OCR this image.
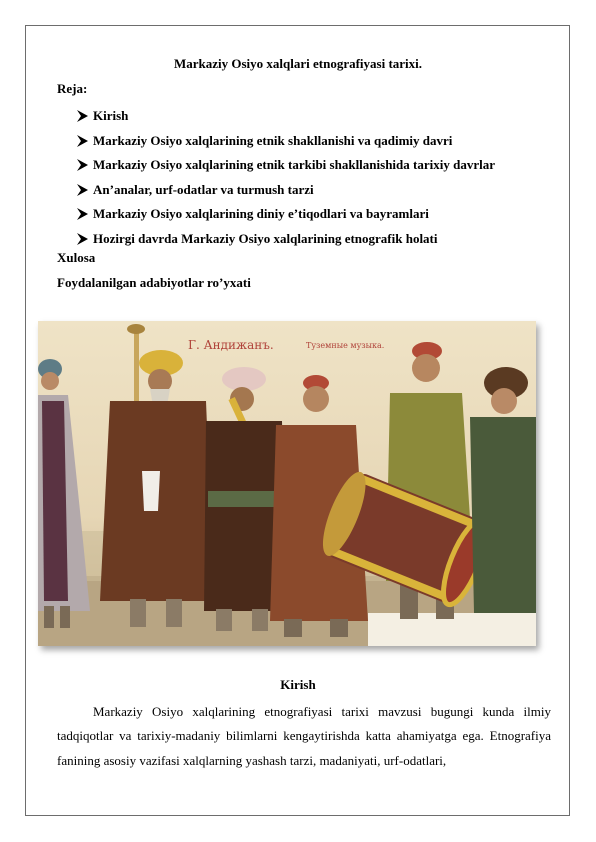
Markaziy Osiyo xalqlari etnografiyasi tarixi.

Reja:

Kirish
Markaziy Osiyo xalqlarining etnik shakllanishi va qadimiy davri
Markaziy Osiyo xalqlarining etnik tarkibi shakllanishida tarixiy davrlar
An’analar, urf-odatlar va turmush tarzi
Markaziy Osiyo xalqlarining diniy e’tiqodlari va bayramlari
Hozirgi davrda Markaziy Osiyo xalqlarining etnografik holati

Xulosa

Foydalanilgan adabiyotlar ro’yxati

Г. Андижанъ.	Туземные музыка.
Kirish

Markaziy Osiyo xalqlarining etnografiyasi tarixi mavzusi bugungi kunda ilmiy tadqiqotlar va tarixiy-madaniy bilimlarni kengaytirishda katta ahamiyatga ega. Etnografiya fanining asosiy vazifasi xalqlarning yashash tarzi, madaniyati, urf-odatlari,
